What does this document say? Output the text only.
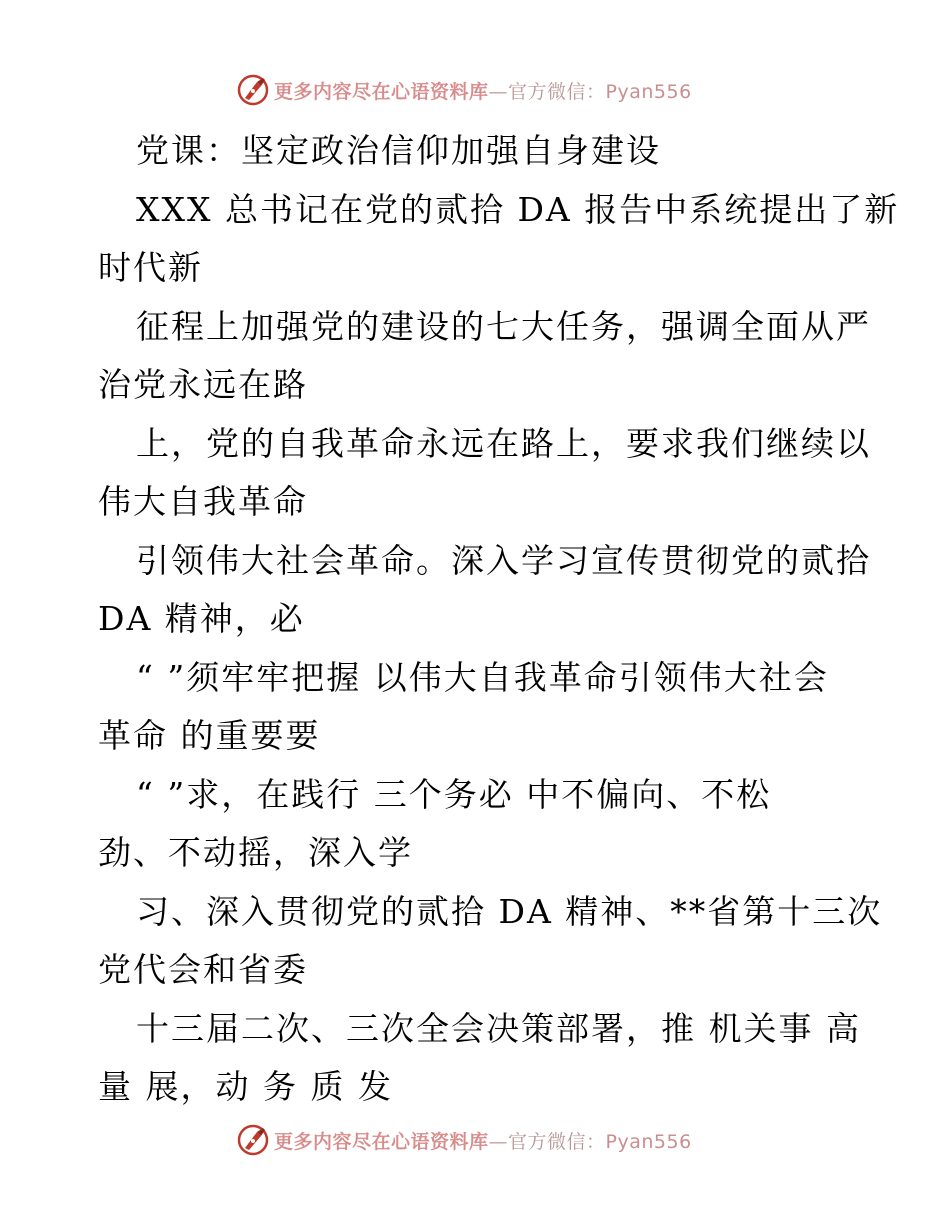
更多内容尽在心语资料库—官方微信：Pyan556
党课：坚定政治信仰加强自身建设
XXX 总书记在党的贰拾 DA 报告中系统提出了新
时代新
征程上加强党的建设的七大任务，强调全面从严
治党永远在路
上，党的自我革命永远在路上，要求我们继续以
伟大自我革命
引领伟大社会革命。深入学习宣传贯彻党的贰拾
DA 精神，必
“ ”须牢牢把握 以伟大自我革命引领伟大社会
革命 的重要要
“ ”求，在践行 三个务必 中不偏向、不松
劲、不动摇，深入学
习、深入贯彻党的贰拾 DA 精神、**省第十三次
党代会和省委
十三届二次、三次全会决策部署，推 机关事 高
量 展，动 务 质 发
更多内容尽在心语资料库—官方微信：Pyan556
